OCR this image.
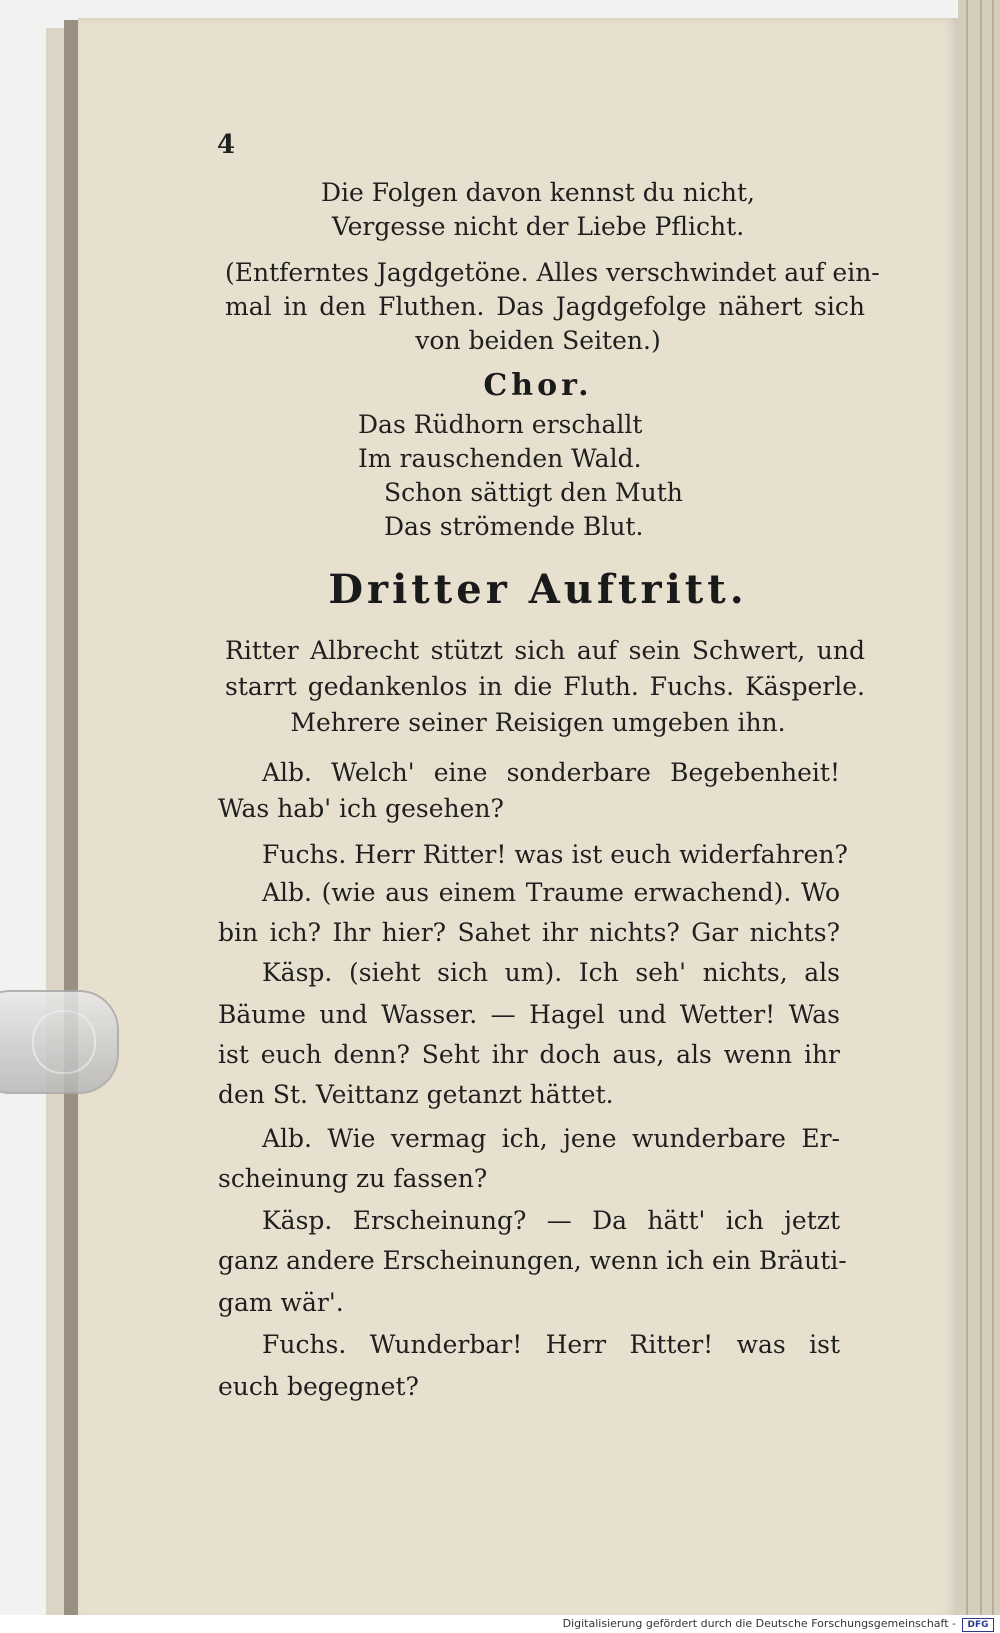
4
Die Folgen davon kennst du nicht,
Vergesse nicht der Liebe Pflicht.
(Entferntes Jagdgetöne. Alles verschwindet auf ein-
mal in den Fluthen. Das Jagdgefolge nähert sich
von beiden Seiten.)
Chor.
Das Rüdhorn erschallt
Im rauschenden Wald.
Schon sättigt den Muth
Das strömende Blut.
Dritter Auftritt.
Ritter Albrecht stützt sich auf sein Schwert, und
starrt gedankenlos in die Fluth. Fuchs. Käsperle.
Mehrere seiner Reisigen umgeben ihn.
Alb. Welch' eine sonderbare Begebenheit!
Was hab' ich gesehen?
Fuchs. Herr Ritter! was ist euch widerfahren?
Alb. (wie aus einem Traume erwachend). Wo
bin ich? Ihr hier? Sahet ihr nichts? Gar nichts?
Käsp. (sieht sich um). Ich seh' nichts, als
Bäume und Wasser. — Hagel und Wetter! Was
ist euch denn? Seht ihr doch aus, als wenn ihr
den St. Veittanz getanzt hättet.
Alb. Wie vermag ich, jene wunderbare Er-
scheinung zu fassen?
Käsp. Erscheinung? — Da hätt' ich jetzt
ganz andere Erscheinungen, wenn ich ein Bräuti-
gam wär'.
Fuchs. Wunderbar! Herr Ritter! was ist
euch begegnet?
Digitalisierung gefördert durch die Deutsche Forschungsgemeinschaft -	DFG
